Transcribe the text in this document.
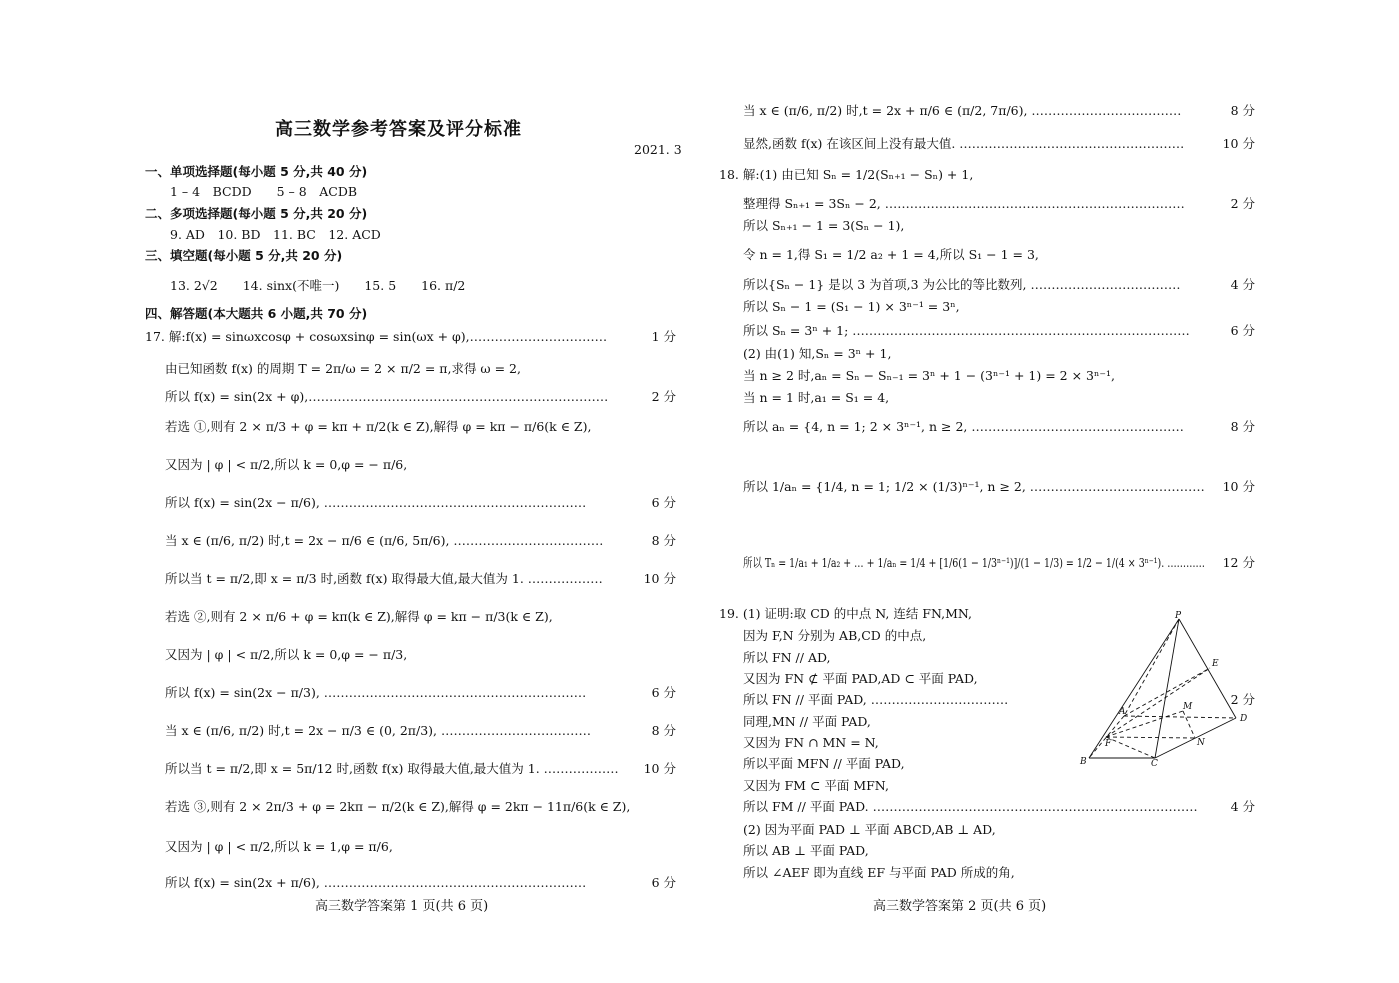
高三数学参考答案及评分标准
2021. 3
一、单项选择题(每小题 5 分,共 40 分)
1 – 4　BCDD　　5 – 8　ACDB
二、多项选择题(每小题 5 分,共 20 分)
9. AD　10. BD　11. BC　12. ACD
三、填空题(每小题 5 分,共 20 分)
13. 2√2　　14. sinx(不唯一)　　15. 5　　16. π/2
四、解答题(本大题共 6 小题,共 70 分)
17. 解:f(x) = sinωxcosφ + cosωxsinφ = sin(ωx + φ),……………………………	1 分
由已知函数 f(x) 的周期 T = 2π/ω = 2 × π/2 = π,求得 ω = 2,
所以 f(x) = sin(2x + φ),………………………………………………………………	2 分
若选 ①,则有 2 × π/3 + φ = kπ + π/2(k ∈ Z),解得 φ = kπ − π/6(k ∈ Z),
又因为 | φ | < π/2,所以 k = 0,φ = − π/6,
所以 f(x) = sin(2x − π/6), ………………………………………………………	6 分
当 x ∈ (π/6, π/2) 时,t = 2x − π/6 ∈ (π/6, 5π/6), ………………………………	8 分
所以当 t = π/2,即 x = π/3 时,函数 f(x) 取得最大值,最大值为 1. ………………	10 分
若选 ②,则有 2 × π/6 + φ = kπ(k ∈ Z),解得 φ = kπ − π/3(k ∈ Z),
又因为 | φ | < π/2,所以 k = 0,φ = − π/3,
所以 f(x) = sin(2x − π/3), ………………………………………………………	6 分
当 x ∈ (π/6, π/2) 时,t = 2x − π/3 ∈ (0, 2π/3), ………………………………	8 分
所以当 t = π/2,即 x = 5π/12 时,函数 f(x) 取得最大值,最大值为 1. ………………	10 分
若选 ③,则有 2 × 2π/3 + φ = 2kπ − π/2(k ∈ Z),解得 φ = 2kπ − 11π/6(k ∈ Z),
又因为 | φ | < π/2,所以 k = 1,φ = π/6,
所以 f(x) = sin(2x + π/6), ………………………………………………………	6 分
高三数学答案第 1 页(共 6 页)
当 x ∈ (π/6, π/2) 时,t = 2x + π/6 ∈ (π/2, 7π/6), ………………………………	8 分
显然,函数 f(x) 在该区间上没有最大值. ………………………………………………	10 分
18. 解:(1) 由已知 Sₙ = 1/2(Sₙ₊₁ − Sₙ) + 1,
整理得 Sₙ₊₁ = 3Sₙ − 2, ………………………………………………………………	2 分
所以 Sₙ₊₁ − 1 = 3(Sₙ − 1),
令 n = 1,得 S₁ = 1/2 a₂ + 1 = 4,所以 S₁ − 1 = 3,
所以{Sₙ − 1} 是以 3 为首项,3 为公比的等比数列, ………………………………	4 分
所以 Sₙ − 1 = (S₁ − 1) × 3ⁿ⁻¹ = 3ⁿ,
所以 Sₙ = 3ⁿ + 1; ………………………………………………………………………	6 分
(2) 由(1) 知,Sₙ = 3ⁿ + 1,
当 n ≥ 2 时,aₙ = Sₙ − Sₙ₋₁ = 3ⁿ + 1 − (3ⁿ⁻¹ + 1) = 2 × 3ⁿ⁻¹,
当 n = 1 时,a₁ = S₁ = 4,
所以 aₙ = {4, n = 1; 2 × 3ⁿ⁻¹, n ≥ 2, ……………………………………………	8 分
所以 1/aₙ = {1/4, n = 1; 1/2 × (1/3)ⁿ⁻¹, n ≥ 2, ……………………………………	10 分
所以 Tₙ = 1/a₁ + 1/a₂ + … + 1/aₙ = 1/4 + [1/6(1 − 1/3ⁿ⁻¹)]/(1 − 1/3) = 1/2 − 1/(4 × 3ⁿ⁻¹). …………	12 分
19. (1) 证明:取 CD 的中点 N, 连结 FN,MN,
因为 F,N 分别为 AB,CD 的中点,
所以 FN // AD,
又因为 FN ⊄ 平面 PAD,AD ⊂ 平面 PAD,
所以 FN // 平面 PAD, ……………………………	2 分
同理,MN // 平面 PAD,
又因为 FN ∩ MN = N,
所以平面 MFN // 平面 PAD,
又因为 FM ⊂ 平面 MFN,
所以 FM // 平面 PAD. ……………………………………………………………………	4 分
(2) 因为平面 PAD ⊥ 平面 ABCD,AB ⊥ AD,
所以 AB ⊥ 平面 PAD,
所以 ∠AEF 即为直线 EF 与平面 PAD 所成的角,
P
E
A	M
D
F	N
B	C
高三数学答案第 2 页(共 6 页)
